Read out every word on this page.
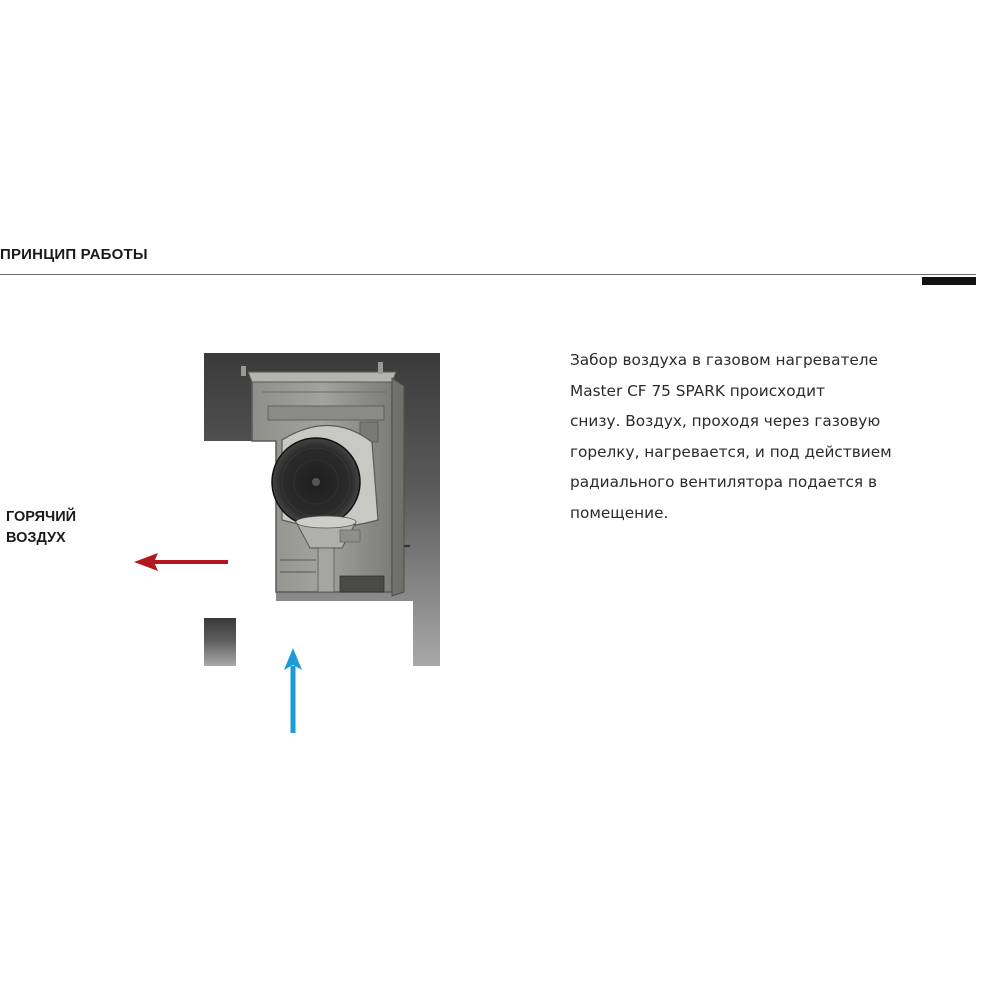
ПРИНЦИП РАБОТЫ
ГОРЯЧИЙ
ВОЗДУХ
Забор воздуха в газовом нагревателе
Master CF 75 SPARK происходит
снизу. Воздух, проходя через газовую
горелку, нагревается, и под действием
радиального вентилятора подается в
помещение.
